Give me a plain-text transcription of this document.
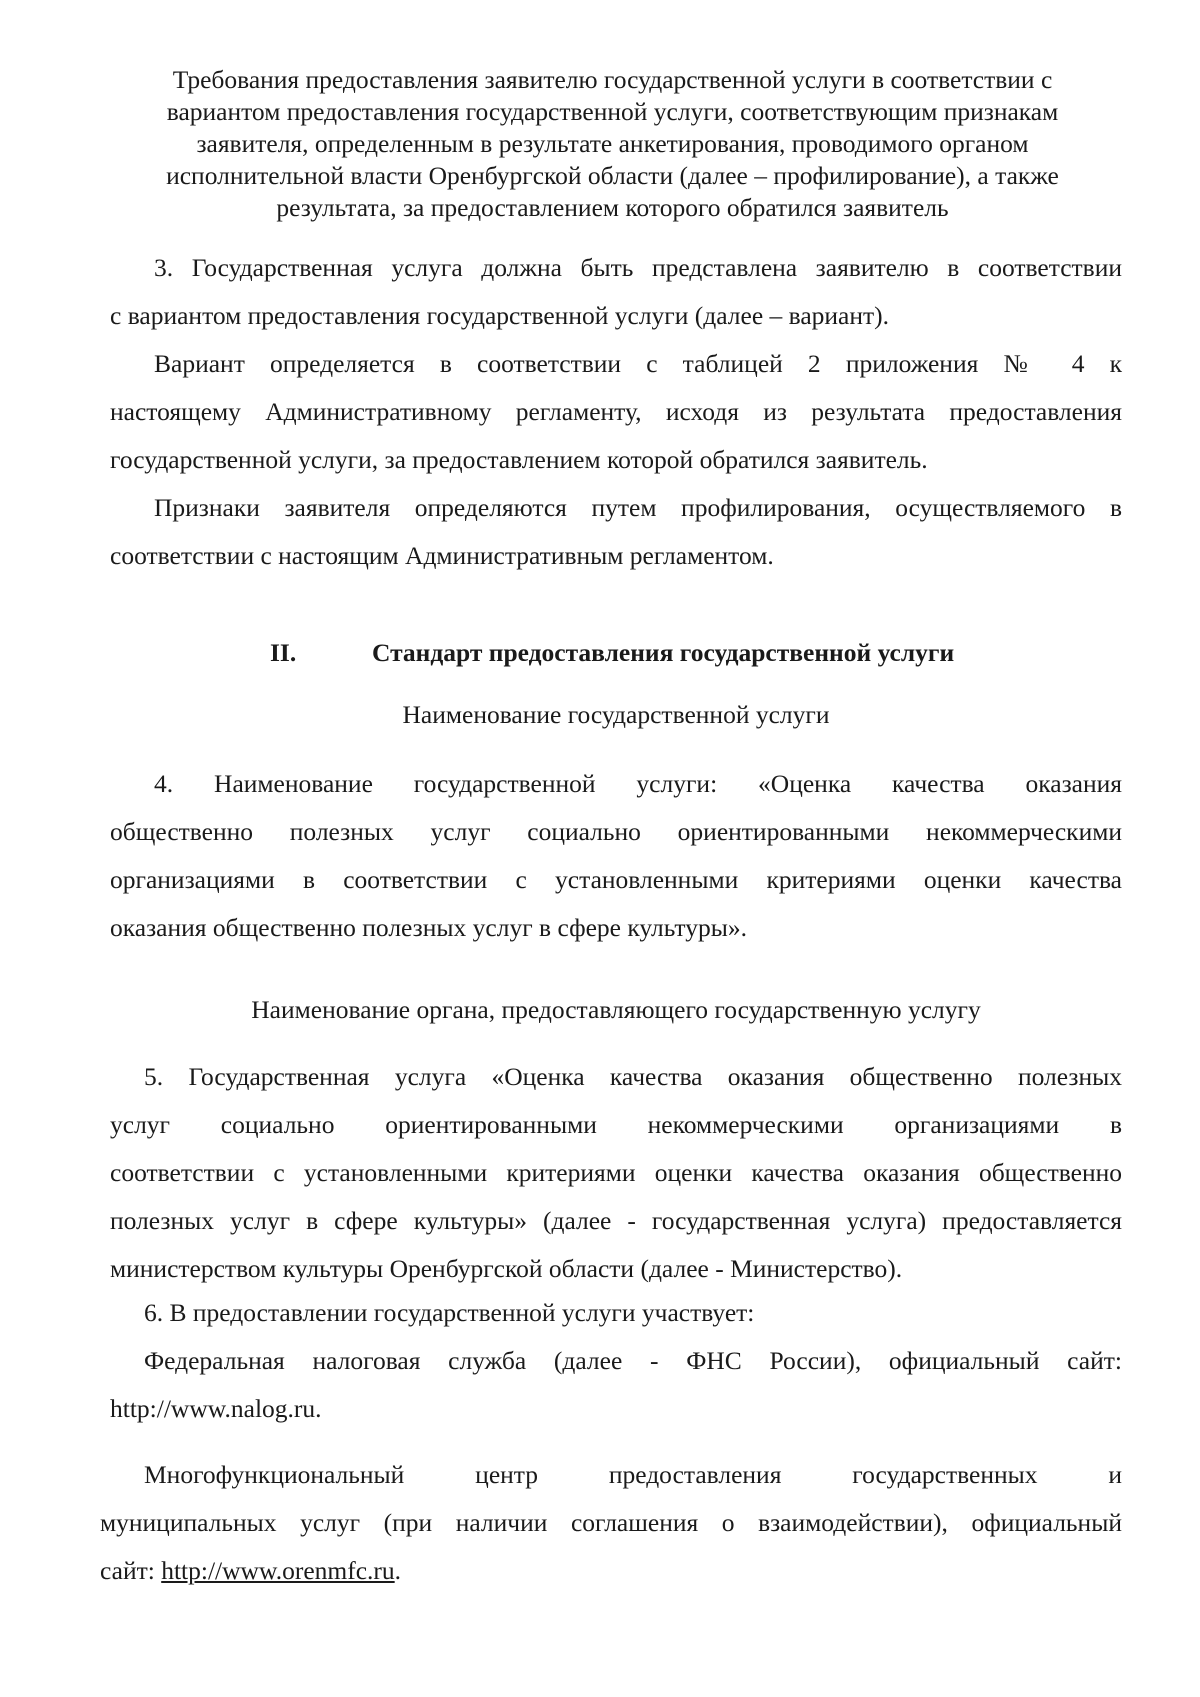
Требования предоставления заявителю государственной услуги в соответствии с
вариантом предоставления государственной услуги, соответствующим признакам
заявителя, определенным в результате анкетирования, проводимого органом
исполнительной власти Оренбургской области (далее – профилирование), а также
результата, за предоставлением которого обратился заявитель
3. Государственная услуга должна быть представлена заявителю в соответствии
с вариантом предоставления государственной услуги (далее – вариант).
Вариант определяется в соответствии с таблицей 2 приложения № 4 к
настоящему Административному регламенту, исходя из результата предоставления
государственной услуги, за предоставлением которой обратился заявитель.
Признаки заявителя определяются путем профилирования, осуществляемого в
соответствии с настоящим Административным регламентом.
II.	Стандарт предоставления государственной услуги
Наименование государственной услуги
4. Наименование государственной услуги: «Оценка качества оказания
общественно полезных услуг социально ориентированными некоммерческими
организациями в соответствии с установленными критериями оценки качества
оказания общественно полезных услуг в сфере культуры».
Наименование органа, предоставляющего государственную услугу
5. Государственная услуга «Оценка качества оказания общественно полезных
услуг социально ориентированными некоммерческими организациями в
соответствии с установленными критериями оценки качества оказания общественно
полезных услуг в сфере культуры» (далее - государственная услуга) предоставляется
министерством культуры Оренбургской области (далее - Министерство).
6. В предоставлении государственной услуги участвует:
Федеральная налоговая служба (далее - ФНС России), официальный сайт:
http://www.nalog.ru.
Многофункциональный центр предоставления государственных и
муниципальных услуг (при наличии соглашения о взаимодействии), официальный
сайт: http://www.orenmfc.ru.
